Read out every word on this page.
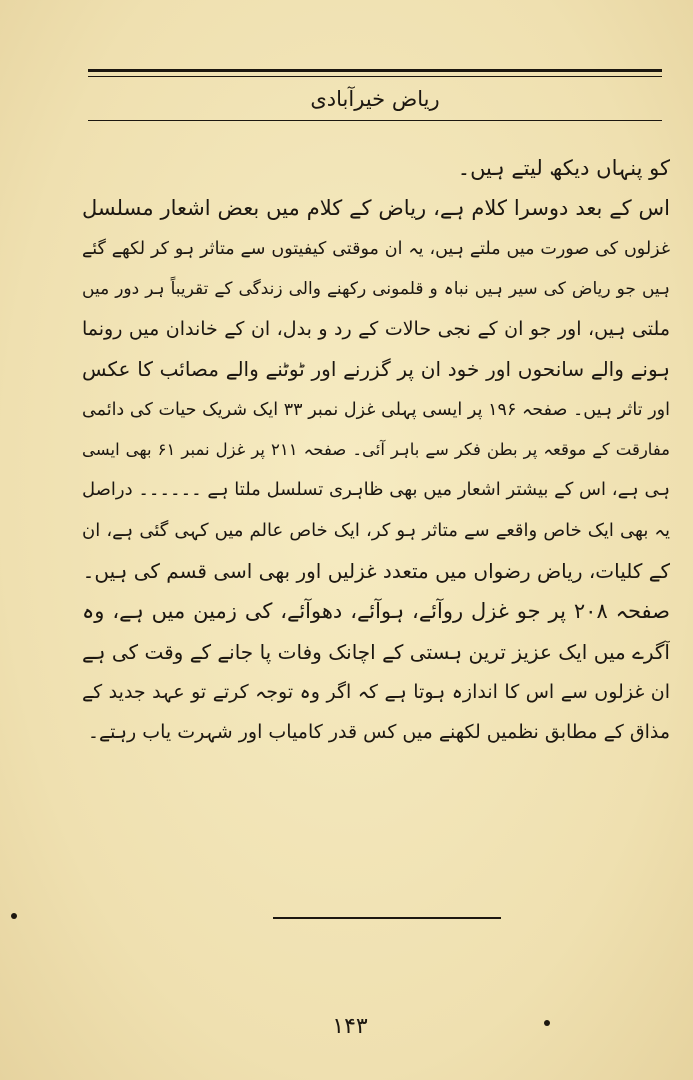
ریاض خیرآبادی
کو پنہاں دیکھ لیتے ہیں۔
اس کے بعد دوسرا کلام ہے، ریاض کے کلام میں بعض اشعار مسلسل
غزلوں کی صورت میں ملتے ہیں، یہ ان موقتی کیفیتوں سے متاثر ہو کر لکھے گئے
ہیں جو ریاض کی سیر ہیں نباہ و قلمونی رکھنے والی زندگی کے تقریباً ہر دور میں
ملتی ہیں، اور جو ان کے نجی حالات کے رد و بدل، ان کے خاندان میں رونما
ہونے والے سانحوں اور خود ان پر گزرنے اور ٹوٹنے والے مصائب کا عکس
اور تاثر ہیں۔ صفحہ ۱۹۶ پر ایسی پہلی غزل نمبر ۳۳ ایک شریک حیات کی دائمی
مفارقت کے موقعہ پر بطن فکر سے باہر آئی۔ صفحہ ۲۱۱ پر غزل نمبر ۶۱ بھی ایسی
ہی ہے، اس کے بیشتر اشعار میں بھی ظاہری تسلسل ملتا ہے ۔۔۔۔۔۔ دراصل
یہ بھی ایک خاص واقعے سے متاثر ہو کر، ایک خاص عالم میں کہی گئی ہے، ان
کے کلیات، ریاض رضواں میں متعدد غزلیں اور بھی اسی قسم کی ہیں۔
صفحہ ۲۰۸ پر جو غزل روآئے، ہوآئے، دھوآئے، کی زمین میں ہے، وہ
آگرے میں ایک عزیز ترین ہستی کے اچانک وفات پا جانے کے وقت کی ہے
ان غزلوں سے اس کا اندازہ ہوتا ہے کہ اگر وہ توجہ کرتے تو عہد جدید کے
مذاق کے مطابق نظمیں لکھنے میں کس قدر کامیاب اور شہرت یاب رہتے۔
۱۴۳
